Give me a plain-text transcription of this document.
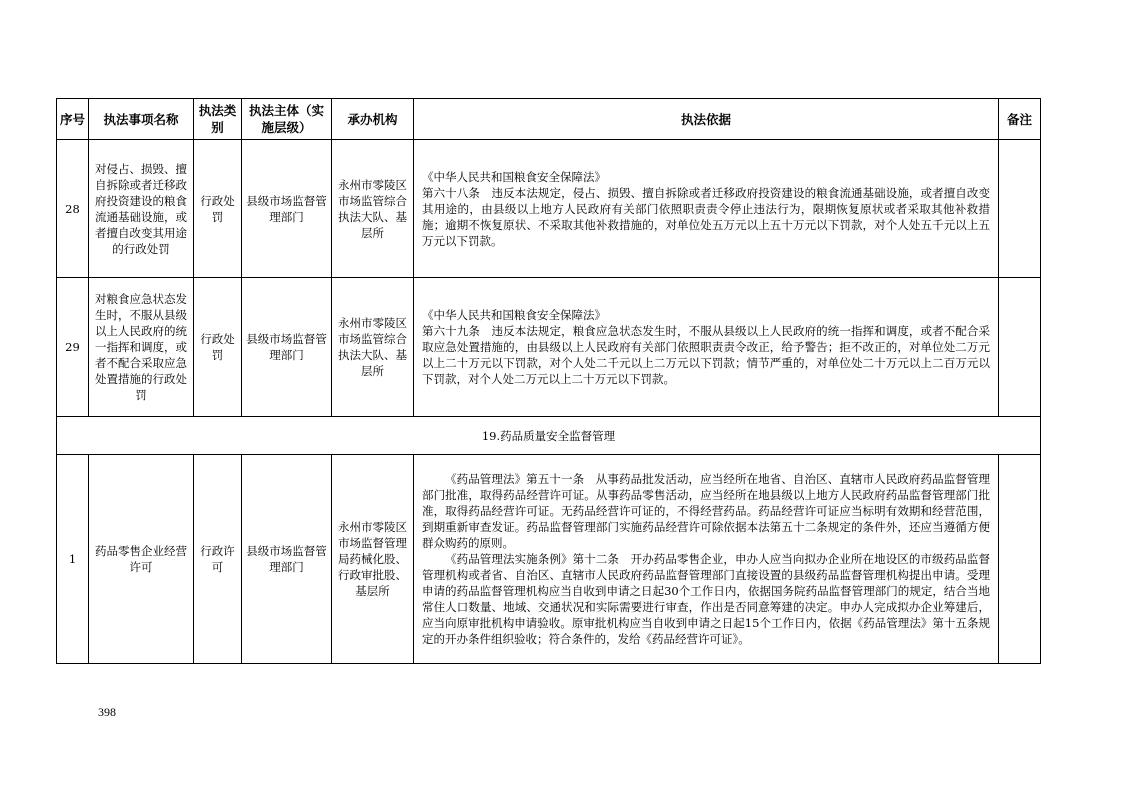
序号	执法事项名称	执法类别	执法主体（实施层级）	承办机构	执法依据	备注
28	对侵占、损毁、擅自拆除或者迁移政府投资建设的粮食流通基础设施，或者擅自改变其用途的行政处罚	行政处罚	县级市场监督管理部门	永州市零陵区市场监管综合执法大队、基层所	《中华人民共和国粮食安全保障法》

第六十八条　违反本法规定，侵占、损毁、擅自拆除或者迁移政府投资建设的粮食流通基础设施，或者擅自改变其用途的，由县级以上地方人民政府有关部门依照职责责令停止违法行为，限期恢复原状或者采取其他补救措施；逾期不恢复原状、不采取其他补救措施的，对单位处五万元以上五十万元以下罚款，对个人处五千元以上五万元以下罚款。	

29	对粮食应急状态发生时，不服从县级以上人民政府的统一指挥和调度，或者不配合采取应急处置措施的行政处罚	行政处罚	县级市场监督管理部门	永州市零陵区市场监管综合执法大队、基层所	《中华人民共和国粮食安全保障法》

第六十九条　违反本法规定，粮食应急状态发生时，不服从县级以上人民政府的统一指挥和调度，或者不配合采取应急处置措施的，由县级以上人民政府有关部门依照职责责令改正，给予警告；拒不改正的，对单位处二万元以上二十万元以下罚款，对个人处二千元以上二万元以下罚款；情节严重的，对单位处二十万元以上二百万元以下罚款，对个人处二万元以上二十万元以下罚款。	

19.药品质量安全监督管理						
1	药品零售企业经营许可	行政许可	县级市场监督管理部门	永州市零陵区市场监督管理局药械化股、行政审批股、基层所	《药品管理法》第五十一条　从事药品批发活动，应当经所在地省、自治区、直辖市人民政府药品监督管理部门批准，取得药品经营许可证。从事药品零售活动，应当经所在地县级以上地方人民政府药品监督管理部门批准，取得药品经营许可证。无药品经营许可证的，不得经营药品。药品经营许可证应当标明有效期和经营范围，到期重新审查发证。药品监督管理部门实施药品经营许可除依据本法第五十二条规定的条件外，还应当遵循方便群众购药的原则。

《药品管理法实施条例》第十二条　开办药品零售企业，申办人应当向拟办企业所在地设区的市级药品监督管理机构或者省、自治区、直辖市人民政府药品监督管理部门直接设置的县级药品监督管理机构提出申请。受理申请的药品监督管理机构应当自收到申请之日起30个工作日内，依据国务院药品监督管理部门的规定，结合当地常住人口数量、地域、交通状况和实际需要进行审查，作出是否同意筹建的决定。申办人完成拟办企业筹建后，应当向原审批机构申请验收。原审批机构应当自收到申请之日起15个工作日内，依据《药品管理法》第十五条规定的开办条件组织验收；符合条件的，发给《药品经营许可证》。	

398
